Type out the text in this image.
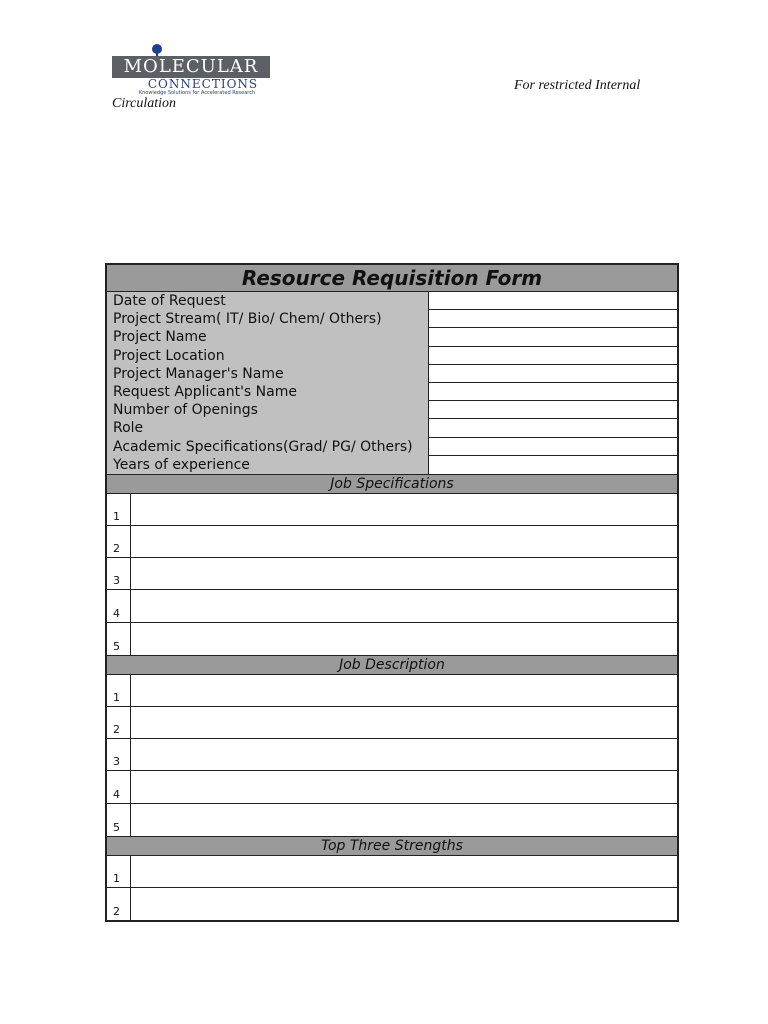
MOLECULAR
CONNECTIONS
Knowledge Solutions for Accelerated Research	For restricted Internal
Circulation
Resource Requisition Form
Date of Request
Project Stream( IT/ Bio/ Chem/ Others)
Project Name
Project Location
Project Manager's Name
Request Applicant's Name
Number of Openings
Role
Academic Specifications(Grad/ PG/ Others)
Years of experience
Job Specifications
1
2
3
4
5
Job Description
1
2
3
4
5
Top Three Strengths
1
2
